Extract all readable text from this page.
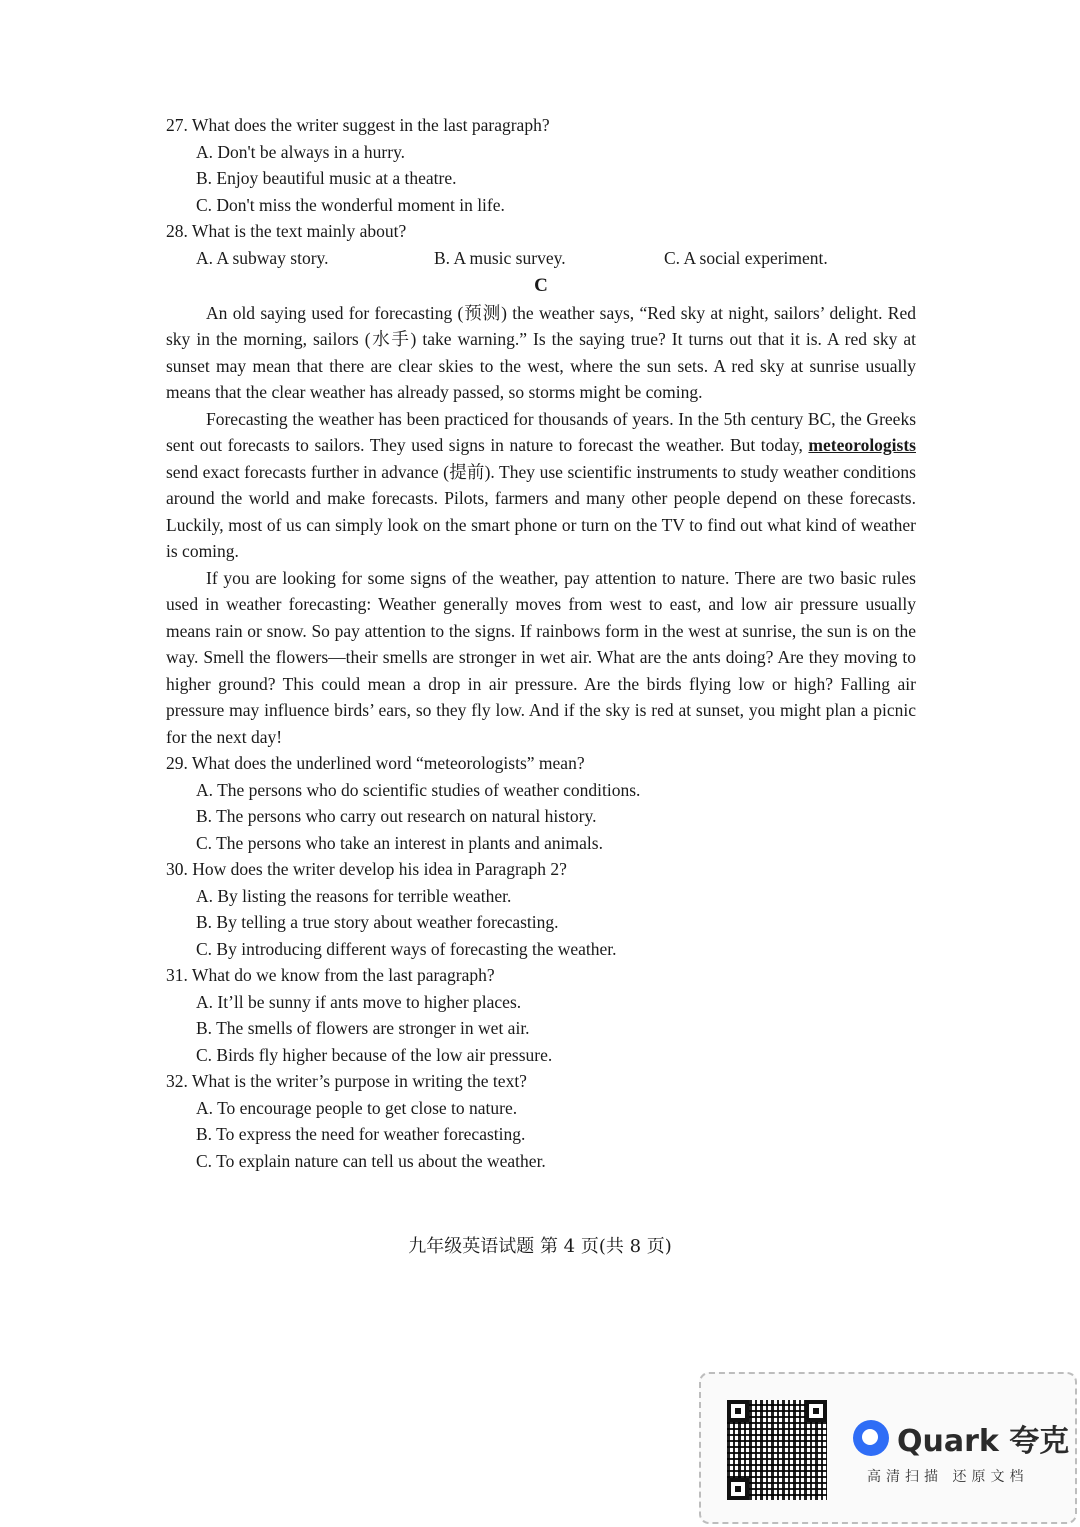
27. What does the writer suggest in the last paragraph?

A. Don't be always in a hurry.

B. Enjoy beautiful music at a theatre.

C. Don't miss the wonderful moment in life.

28. What is the text mainly about?

A. A subway story.	B. A music survey.	C. A social experiment.

C

An old saying used for forecasting (预测) the weather says, “Red sky at night, sailors’ delight. Red sky in the morning, sailors (水手) take warning.” Is the saying true? It turns out that it is. A red sky at sunset may mean that there are clear skies to the west, where the sun sets. A red sky at sunrise usually means that the clear weather has already passed, so storms might be coming.

Forecasting the weather has been practiced for thousands of years. In the 5th century BC, the Greeks sent out forecasts to sailors. They used signs in nature to forecast the weather. But today, meteorologists send exact forecasts further in advance (提前). They use scientific instruments to study weather conditions around the world and make forecasts. Pilots, farmers and many other people depend on these forecasts. Luckily, most of us can simply look on the smart phone or turn on the TV to find out what kind of weather is coming.

If you are looking for some signs of the weather, pay attention to nature. There are two basic rules used in weather forecasting: Weather generally moves from west to east, and low air pressure usually means rain or snow. So pay attention to the signs. If rainbows form in the west at sunrise, the sun is on the way. Smell the flowers—their smells are stronger in wet air. What are the ants doing? Are they moving to higher ground? This could mean a drop in air pressure. Are the birds flying low or high? Falling air pressure may influence birds’ ears, so they fly low. And if the sky is red at sunset, you might plan a picnic for the next day!

29. What does the underlined word “meteorologists” mean?

A. The persons who do scientific studies of weather conditions.

B. The persons who carry out research on natural history.

C. The persons who take an interest in plants and animals.

30. How does the writer develop his idea in Paragraph 2?

A. By listing the reasons for terrible weather.

B. By telling a true story about weather forecasting.

C. By introducing different ways of forecasting the weather.

31. What do we know from the last paragraph?

A. It’ll be sunny if ants move to higher places.

B. The smells of flowers are stronger in wet air.

C. Birds fly higher because of the low air pressure.

32. What is the writer’s purpose in writing the text?

A. To encourage people to get close to nature.

B. To express the need for weather forecasting.

C. To explain nature can tell us about the weather.

九年级英语试题 第 4 页(共 8 页)
Quark 夸克
高清扫描 还原文档
